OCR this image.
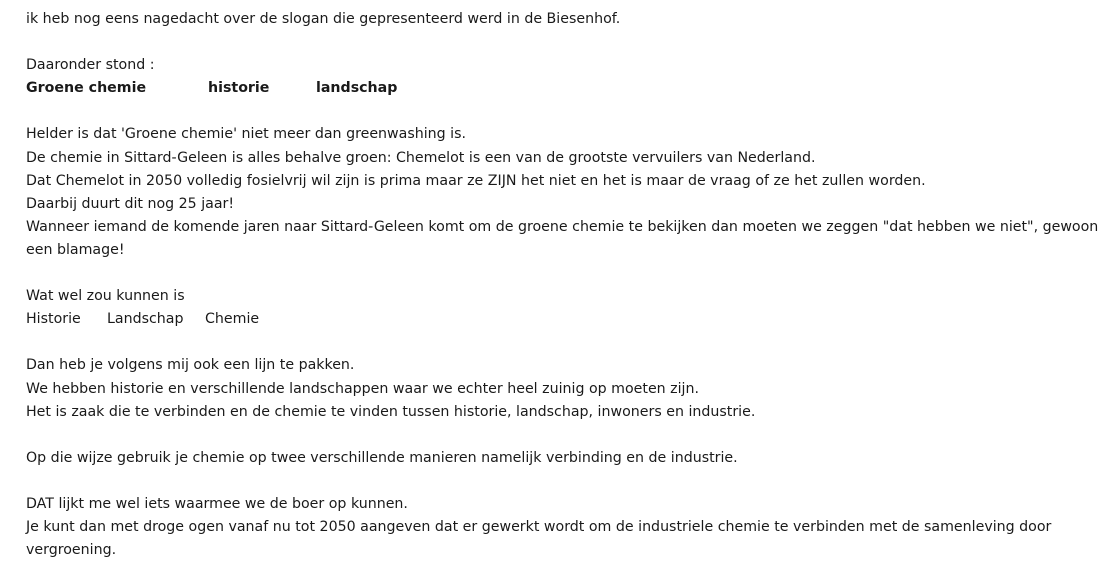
ik heb nog eens nagedacht over de slogan die gepresenteerd werd in de Biesenhof.
Daaronder stond :
Groene chemie	historie	landschap
Helder is dat 'Groene chemie' niet meer dan greenwashing is.
De chemie in Sittard-Geleen is alles behalve groen: Chemelot is een van de grootste vervuilers van Nederland.
Dat Chemelot in 2050 volledig fosielvrij wil zijn is prima maar ze ZIJN het niet en het is maar de vraag of ze het zullen worden.
Daarbij duurt dit nog 25 jaar!
Wanneer iemand de komende jaren naar Sittard-Geleen komt om de groene chemie te bekijken dan moeten we zeggen "dat hebben we niet", gewoon een blamage!
Wat wel zou kunnen is
Historie Landschap Chemie
Dan heb je volgens mij ook een lijn te pakken.
We hebben historie en verschillende landschappen waar we echter heel zuinig op moeten zijn.
Het is zaak die te verbinden en de chemie te vinden tussen historie, landschap, inwoners en industrie.
Op die wijze gebruik je chemie op twee verschillende manieren namelijk verbinding en de industrie.
DAT lijkt me wel iets waarmee we de boer op kunnen.
Je kunt dan met droge ogen vanaf nu tot 2050 aangeven dat er gewerkt wordt om de industriele chemie te verbinden met de samenleving door vergroening.
